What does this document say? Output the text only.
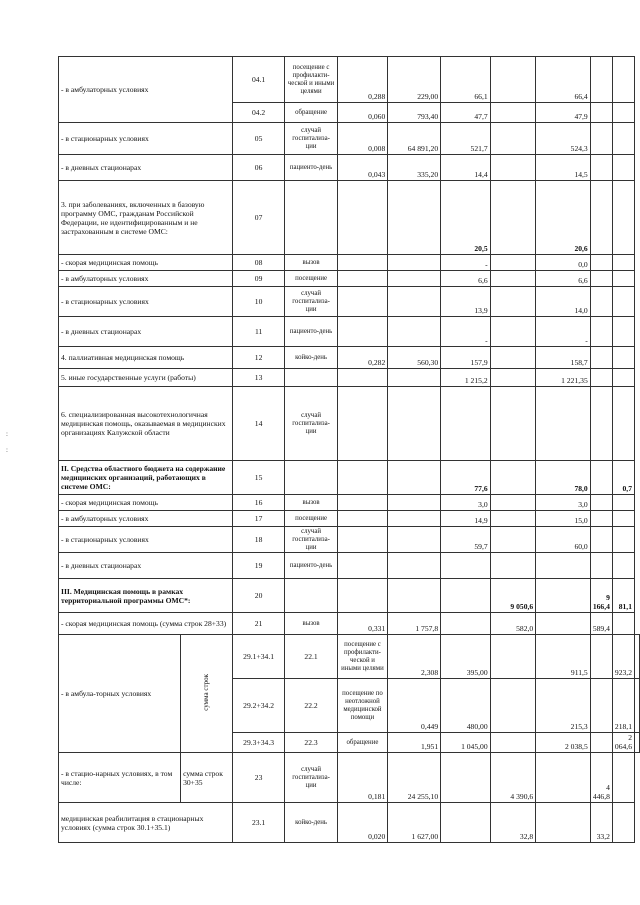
- в амбулаторных условиях		04.1	посещение с профилакти-ческой и иными целями	0,288	229,00	66,1		66,4			
		04.2	обращение	0,060	793,40	47,7		47,9			
- в стационарных условиях		05	случай госпитализа-ции	0,008	64 891,20	521,7		524,3			
- в дневных стационарах		06	пациенто-день	0,043	335,20	14,4		14,5			
3. при заболеваниях, включенных в базовую программу ОМС, гражданам Российской Федерации, не идентифицированным и не застрахованным в системе ОМС:		07				20,5		20,6			
- скорая медицинская помощь		08	вызов			-		0,0			
- в амбулаторных условиях		09	посещение			6,6		6,6			
- в стационарных условиях		10	случай госпитализа-ции			13,9		14,0			
- в дневных стационарах		11	пациенто-день			-		-			
4. паллиативная медицинская помощь		12	койко-день	0,282	560,30	157,9		158,7			
5. иные государственные услуги (работы)		13				1 215,2		1 221,35			
6. специализированная высокотехнологичная медицинская помощь, оказываемая в медицинских организациях Калужской области		14	случай госпитализа-ции								
II. Средства областного бюджета на содержание медицинских организаций, работающих в системе ОМС:		15				77,6		78,0		0,7	
- скорая медицинская помощь		16	вызов			3,0		3,0			
- в амбулаторных условиях		17	посещение			14,9		15,0			
- в стационарных условиях		18	случай госпитализа-ции			59,7		60,0			
- в дневных стационарах		19	пациенто-день								
III. Медицинская помощь в рамках территориальной программы ОМС*:		20					9 050,6		9 166,4	81,1	
- скорая медицинская помощь (сумма строк 28+33)		21	вызов	0,331	1 757,8		582,0		589,4		
- в амбула-торных условиях	сумма строк	29.1+34.1	22.1	посещение с профилакти-ческой и иными целями	2,308	395,00		911,5		923,2	
		29.2+34.2	22.2	посещение по неотложной медицинской помощи	0,449	480,00		215,3		218,1	
		29.3+34.3	22.3	обращение	1,951	1 045,00		2 038,5		2 064,6	
- в стацио-нарных условиях, в том числе:	сумма строк 30+35	23	случай госпитализа-ции	0,181	24 255,10		4 390,6		4 446,8		
медицинская реабилитация в стационарных условиях (сумма строк 30.1+35.1)		23.1	койко-день	0,020	1 627,00		32,8		33,2		
:
:
